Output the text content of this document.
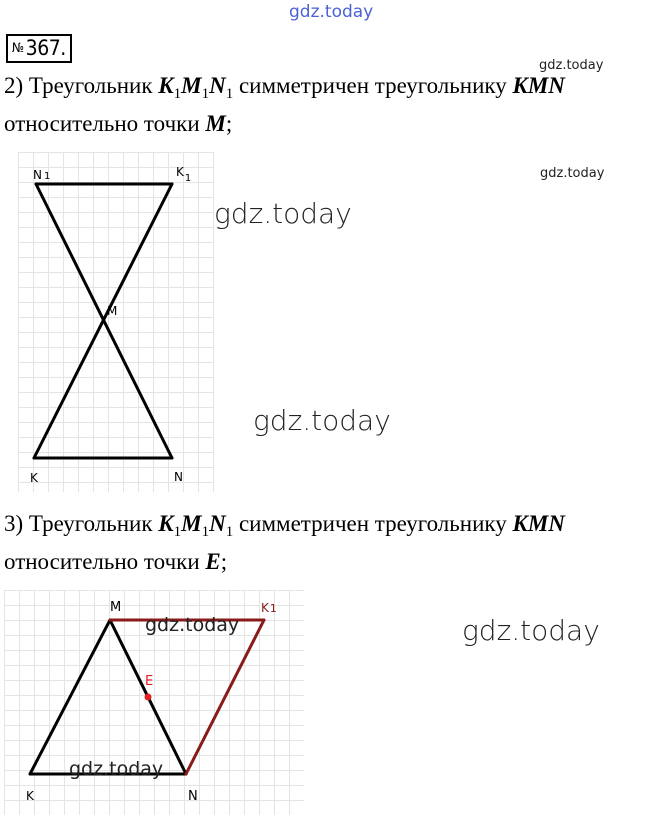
gdz.today
№367.
gdz.today
2) Треугольник $K_1M_1N_1$ симметричен треугольнику KMN
относительно точки M;
N 1	$K_1$
M
K	N
gdz.today
gdz.today
gdz.today
3) Треугольник $K_1M_1N_1$ симметричен треугольнику KMN
относительно точки E;
M	K1
E
K	N
gdz.today	gdz.today
gdz.today
